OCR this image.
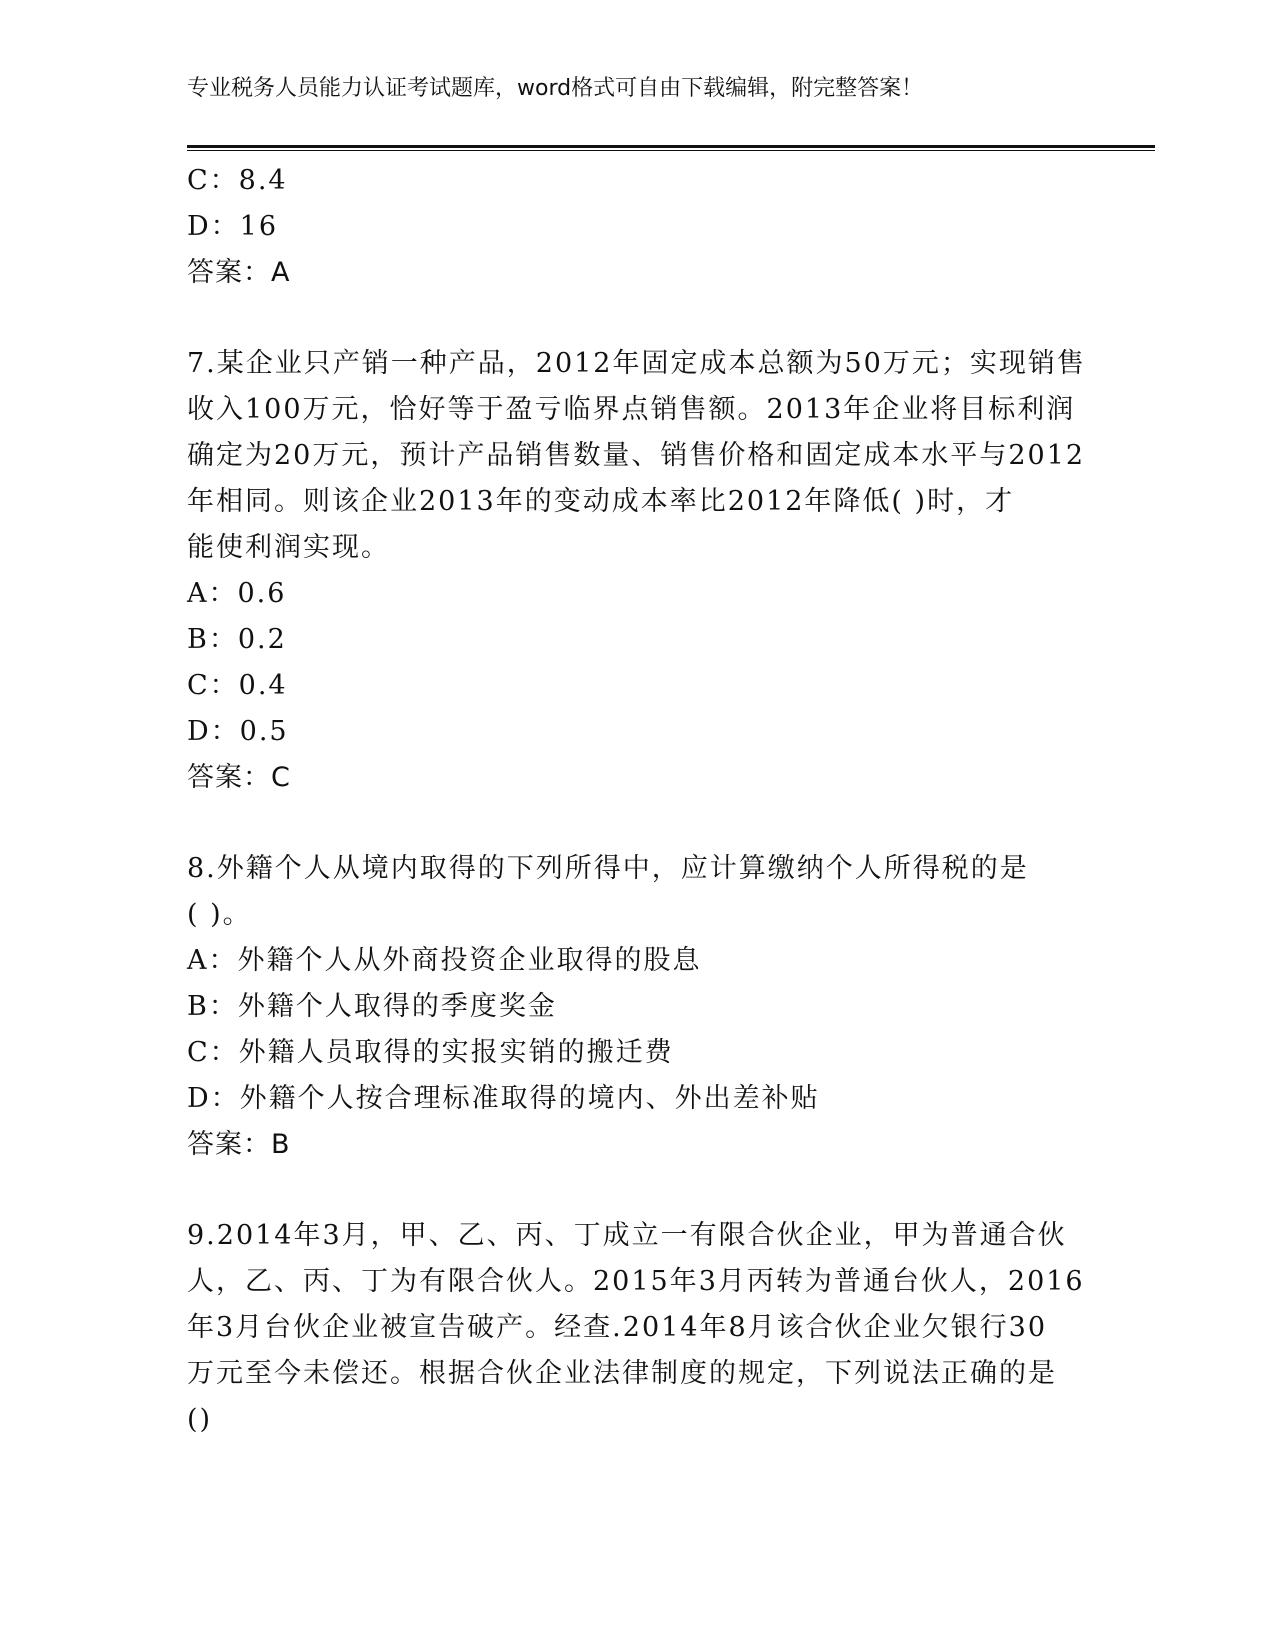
专业税务人员能力认证考试题库，word格式可自由下载编辑，附完整答案！
C：8.4
D：16
答案：A
7.某企业只产销一种产品，2012年固定成本总额为50万元；实现销售
收入100万元，恰好等于盈亏临界点销售额。2013年企业将目标利润
确定为20万元，预计产品销售数量、销售价格和固定成本水平与2012
年相同。则该企业2013年的变动成本率比2012年降低( )时，才
能使利润实现。
A：0.6
B：0.2
C：0.4
D：0.5
答案：C
8.外籍个人从境内取得的下列所得中，应计算缴纳个人所得税的是
( )。
A：外籍个人从外商投资企业取得的股息
B：外籍个人取得的季度奖金
C：外籍人员取得的实报实销的搬迁费
D：外籍个人按合理标准取得的境内、外出差补贴
答案：B
9.2014年3月，甲、乙、丙、丁成立一有限合伙企业，甲为普通合伙
人，乙、丙、丁为有限合伙人。2015年3月丙转为普通台伙人，2016
年3月台伙企业被宣告破产。经查.2014年8月该合伙企业欠银行30
万元至今未偿还。根据合伙企业法律制度的规定，下列说法正确的是
()
